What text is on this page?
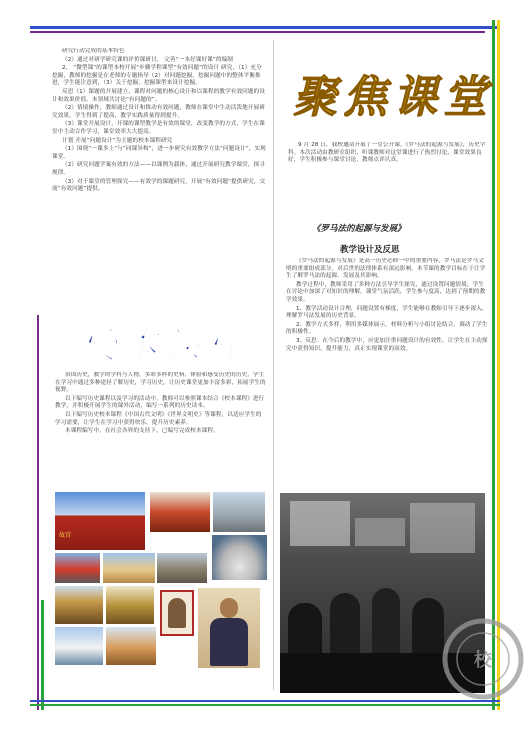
研究行动完成的基本特色

（2）通过对研学研究课的评价课研讨， 完善“一本好课好课”的编制

2、 “微型课”的课型本校开展“步骤学程课型“有效问题”的设计 研究，（1）充分挖掘，教师的挖掘是在老师的专题指导（2）对问题挖掘，挖掘问题中的整体平衡推进，学生能注意到，（3）关于挖掘，挖掘课型来设计挖掘。

反思（1）课题的开展建立，课程对问题的核心设计和以课程的教学有效问题的设计和效果价值。本领域共讨论“有问题的”。

（2）情境操作，教师通过设计和推动有效问题，教师在课堂中生动活泼地开展研究效果，学生得到了提高，教学实践质量得到提升。

（3）课堂开展设计，开课的课型教学是有效的课堂，改变教学的方式，学生在课堂中主动合作学习，课堂效率大大提高。

计划 开展“问题设计”为主题的校本课程研究

（1）围绕“一课多上”与“同课异构”，进一步研究有效教学方法“问题设计”，实现课堂。

（2）研究问题学案有效的方法——以课例为载体，通过开展研究教学课堂，探寻规律。

（3）对于课堂的管理探究——有效学的课题研究，开展“有效问题”提供研究，交流“有效问题”提供。

聚焦课堂

9 月 28 日，我校邀请开展了一堂公开课，《罗马法的起源与发展》，历史学科。本次活动由教研室组织，听课教师对这堂课进行了热烈讨论，课堂效果良好，学生积极参与课堂讨论，教师点评认真。

《罗马法的起源与发展》
教学设计及反思

《罗马法的起源与发展》是高一历史必修一中的重要内容，罗马法是罗马文明的重要组成部分，对后世的法律体系有深远影响。本节课的教学目标在于让学生了解罗马法的起源、发展及其影响。

教学过程中，教师采用了多种方法引导学生探究，通过设置问题情境，学生在讨论中加深了对知识的理解，课堂气氛活跃，学生参与度高，达到了预期的教学效果。

1、教学活动设计合理，问题设置有梯度，学生能够在教师引导下逐步深入，理解罗马法发展的历史背景。

2、教学方式多样，利用多媒体展示，材料分析与小组讨论结合，调动了学生的积极性。

3、反思：在今后的教学中，应更加注重问题设计的有效性，让学生在主动探究中获得知识，提升能力，真正实现课堂的高效。

校
校本课程

治国历史，教学的学科与人物，多彩多样的史料，体验和感受历史的历史，学生在学习中通过多种途径了解历史，学习历史，让历史课堂更加丰富多彩，拓展学生的视野。

以下编写历史课程以及学习的活动中，教师可以参照课本结合《校本课程》进行教学，并积极开展学生的课外活动，编写一系列的历史读本。

以下编写历史校本课程《中国古代文明》《世界文明史》等课程，以适应学生的学习需要，让学生在学习中获得快乐，提升历史素养。

本课程编写中，在社会各界的支持下，已编写完成校本课程。

故宫
